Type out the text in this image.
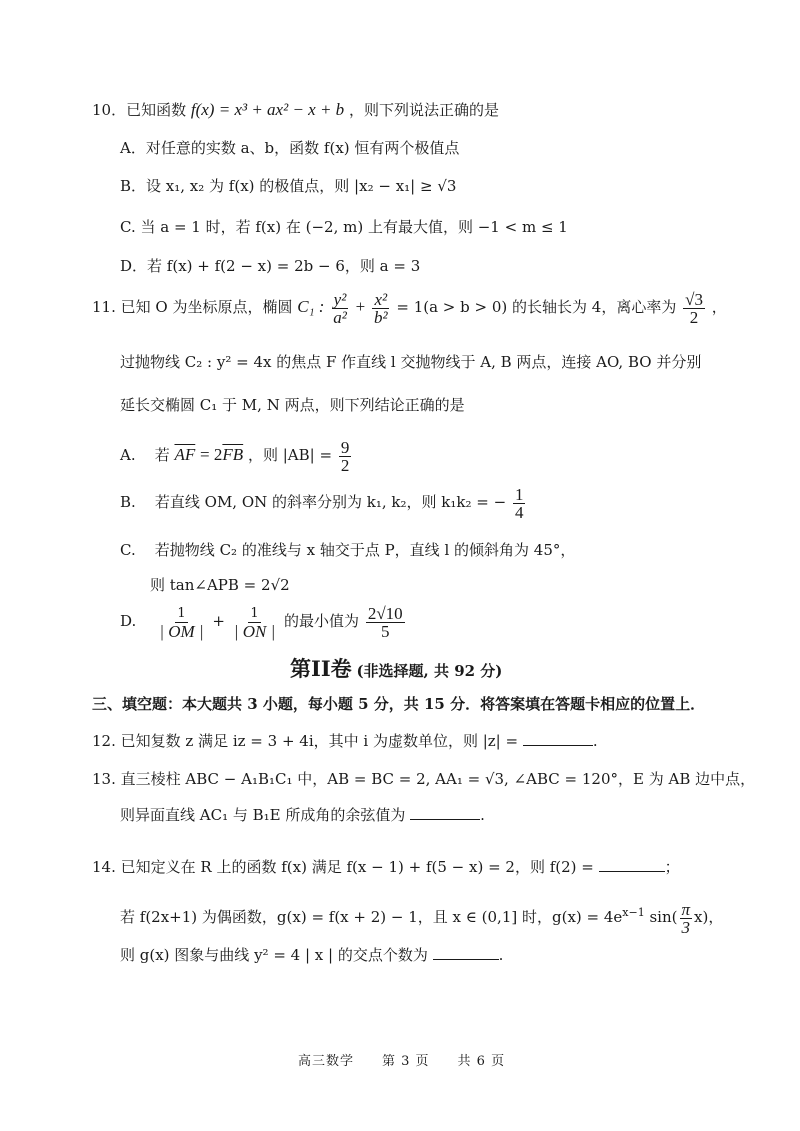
10．已知函数 f(x) = x³ + ax² − x + b ，则下列说法正确的是
A．对任意的实数 a、b，函数 f(x) 恒有两个极值点
B．设 x₁, x₂ 为 f(x) 的极值点，则 |x₂ − x₁| ≥ √3
C. 当 a = 1 时，若 f(x) 在 (−2, m) 上有最大值，则 −1 < m ≤ 1
D．若 f(x) + f(2 − x) = 2b − 6，则 a = 3
11. 已知 O 为坐标原点，椭圆 C₁ : $\frac{\text{y²}}{\text{a²}} + \frac{\text{x²}}{\text{b²}} = 1(a > b > 0)$ 的长轴长为 4，离心率为 $\frac{√3}{2}$ ，
过抛物线 C₂ : y² = 4x 的焦点 F 作直线 l 交抛物线于 A, B 两点，连接 AO, BO 并分别
延长交椭圆 C₁ 于 M, N 两点，则下列结论正确的是
A. 若 $\overline{AF} = 2\overline{FB}$ ，则 $|AB| = \frac{9}{2}$
B. 若直线 OM, ON 的斜率分别为 k₁, k₂，则 k₁k₂ = − $\frac{1}{4}$
C. 若抛物线 C₂ 的准线与 x 轴交于点 P，直线 l 的倾斜角为 45°，
则 tan∠APB = 2√2
D. $\frac{1}{| OM |} + \frac{1}{| ON |}$ 的最小值为 $\frac{2√10}{5}$
第II卷 (非选择题, 共 92 分)
三、填空题：本大题共 3 小题，每小题 5 分，共 15 分．将答案填在答题卡相应的位置上．
12. 已知复数 z 满足 iz = 3 + 4i，其中 i 为虚数单位，则 |z| =	.
13. 直三棱柱 ABC − A₁B₁C₁ 中，AB = BC = 2, AA₁ = √3, ∠ABC = 120°，E 为 AB 边中点，
则异面直线 AC₁ 与 B₁E 所成角的余弦值为	.
14. 已知定义在 R 上的函数 f(x) 满足 f(x − 1) + f(5 − x) = 2，则 f(2) =	；
若 f(2x+1) 为偶函数，g(x) = f(x + 2) − 1，且 x ∈ (0,1] 时，$g(x) = 4e^{x-1}$ $\sin( \frac{\pi}{3} x)$，
则 g(x) 图象与曲线 y² = 4 | x | 的交点个数为	.
高三数学　　第 3 页　　共 6 页
